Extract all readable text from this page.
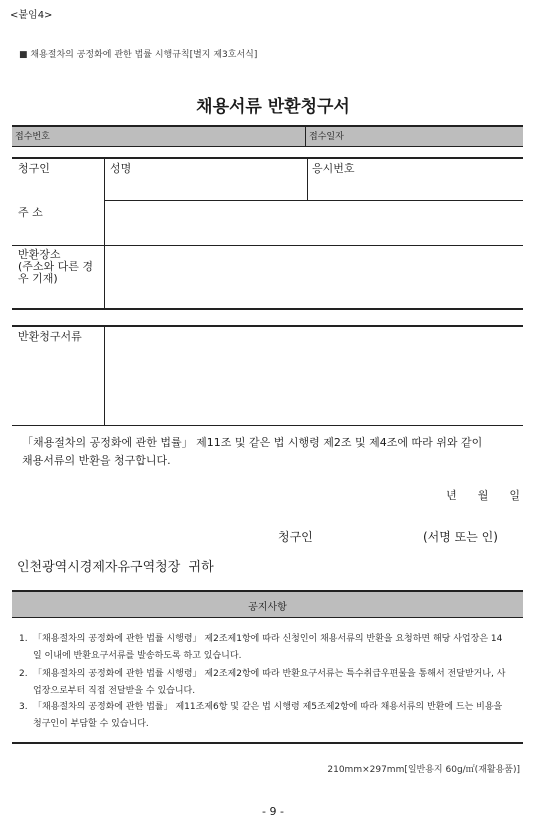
<붙임4>
■ 채용절차의 공정화에 관한 법률 시행규칙[별지 제3호서식]
채용서류 반환청구서
접수번호	접수일자
청구인	성명	응시번호
주 소
반환장소
(주소와 다른 경
우 기재)
반환청구서류
「채용절차의 공정화에 관한 법률」 제11조 및 같은 법 시행령 제2조 및 제4조에 따라 위와 같이
채용서류의 반환을 청구합니다.
년      월      일
청구인	(서명 또는 인)
인천광역시경제자유구역청장  귀하
공지사항
1. 「채용절차의 공정화에 관한 법률 시행령」 제2조제1항에 따라 신청인이 채용서류의 반환을 요청하면 해당 사업장은 14
일 이내에 반환요구서류를 발송하도록 하고 있습니다.
2. 「채용절차의 공정화에 관한 법률 시행령」 제2조제2항에 따라 반환요구서류는 특수취급우편물을 통해서 전달받거나, 사
업장으로부터 직접 전달받을 수 있습니다.
3. 「채용절차의 공정화에 관한 법률」 제11조제6항 및 같은 법 시행령 제5조제2항에 따라 채용서류의 반환에 드는 비용을
청구인이 부담할 수 있습니다.
210mm×297mm[일반용지 60g/㎡(재활용품)]
- 9 -
